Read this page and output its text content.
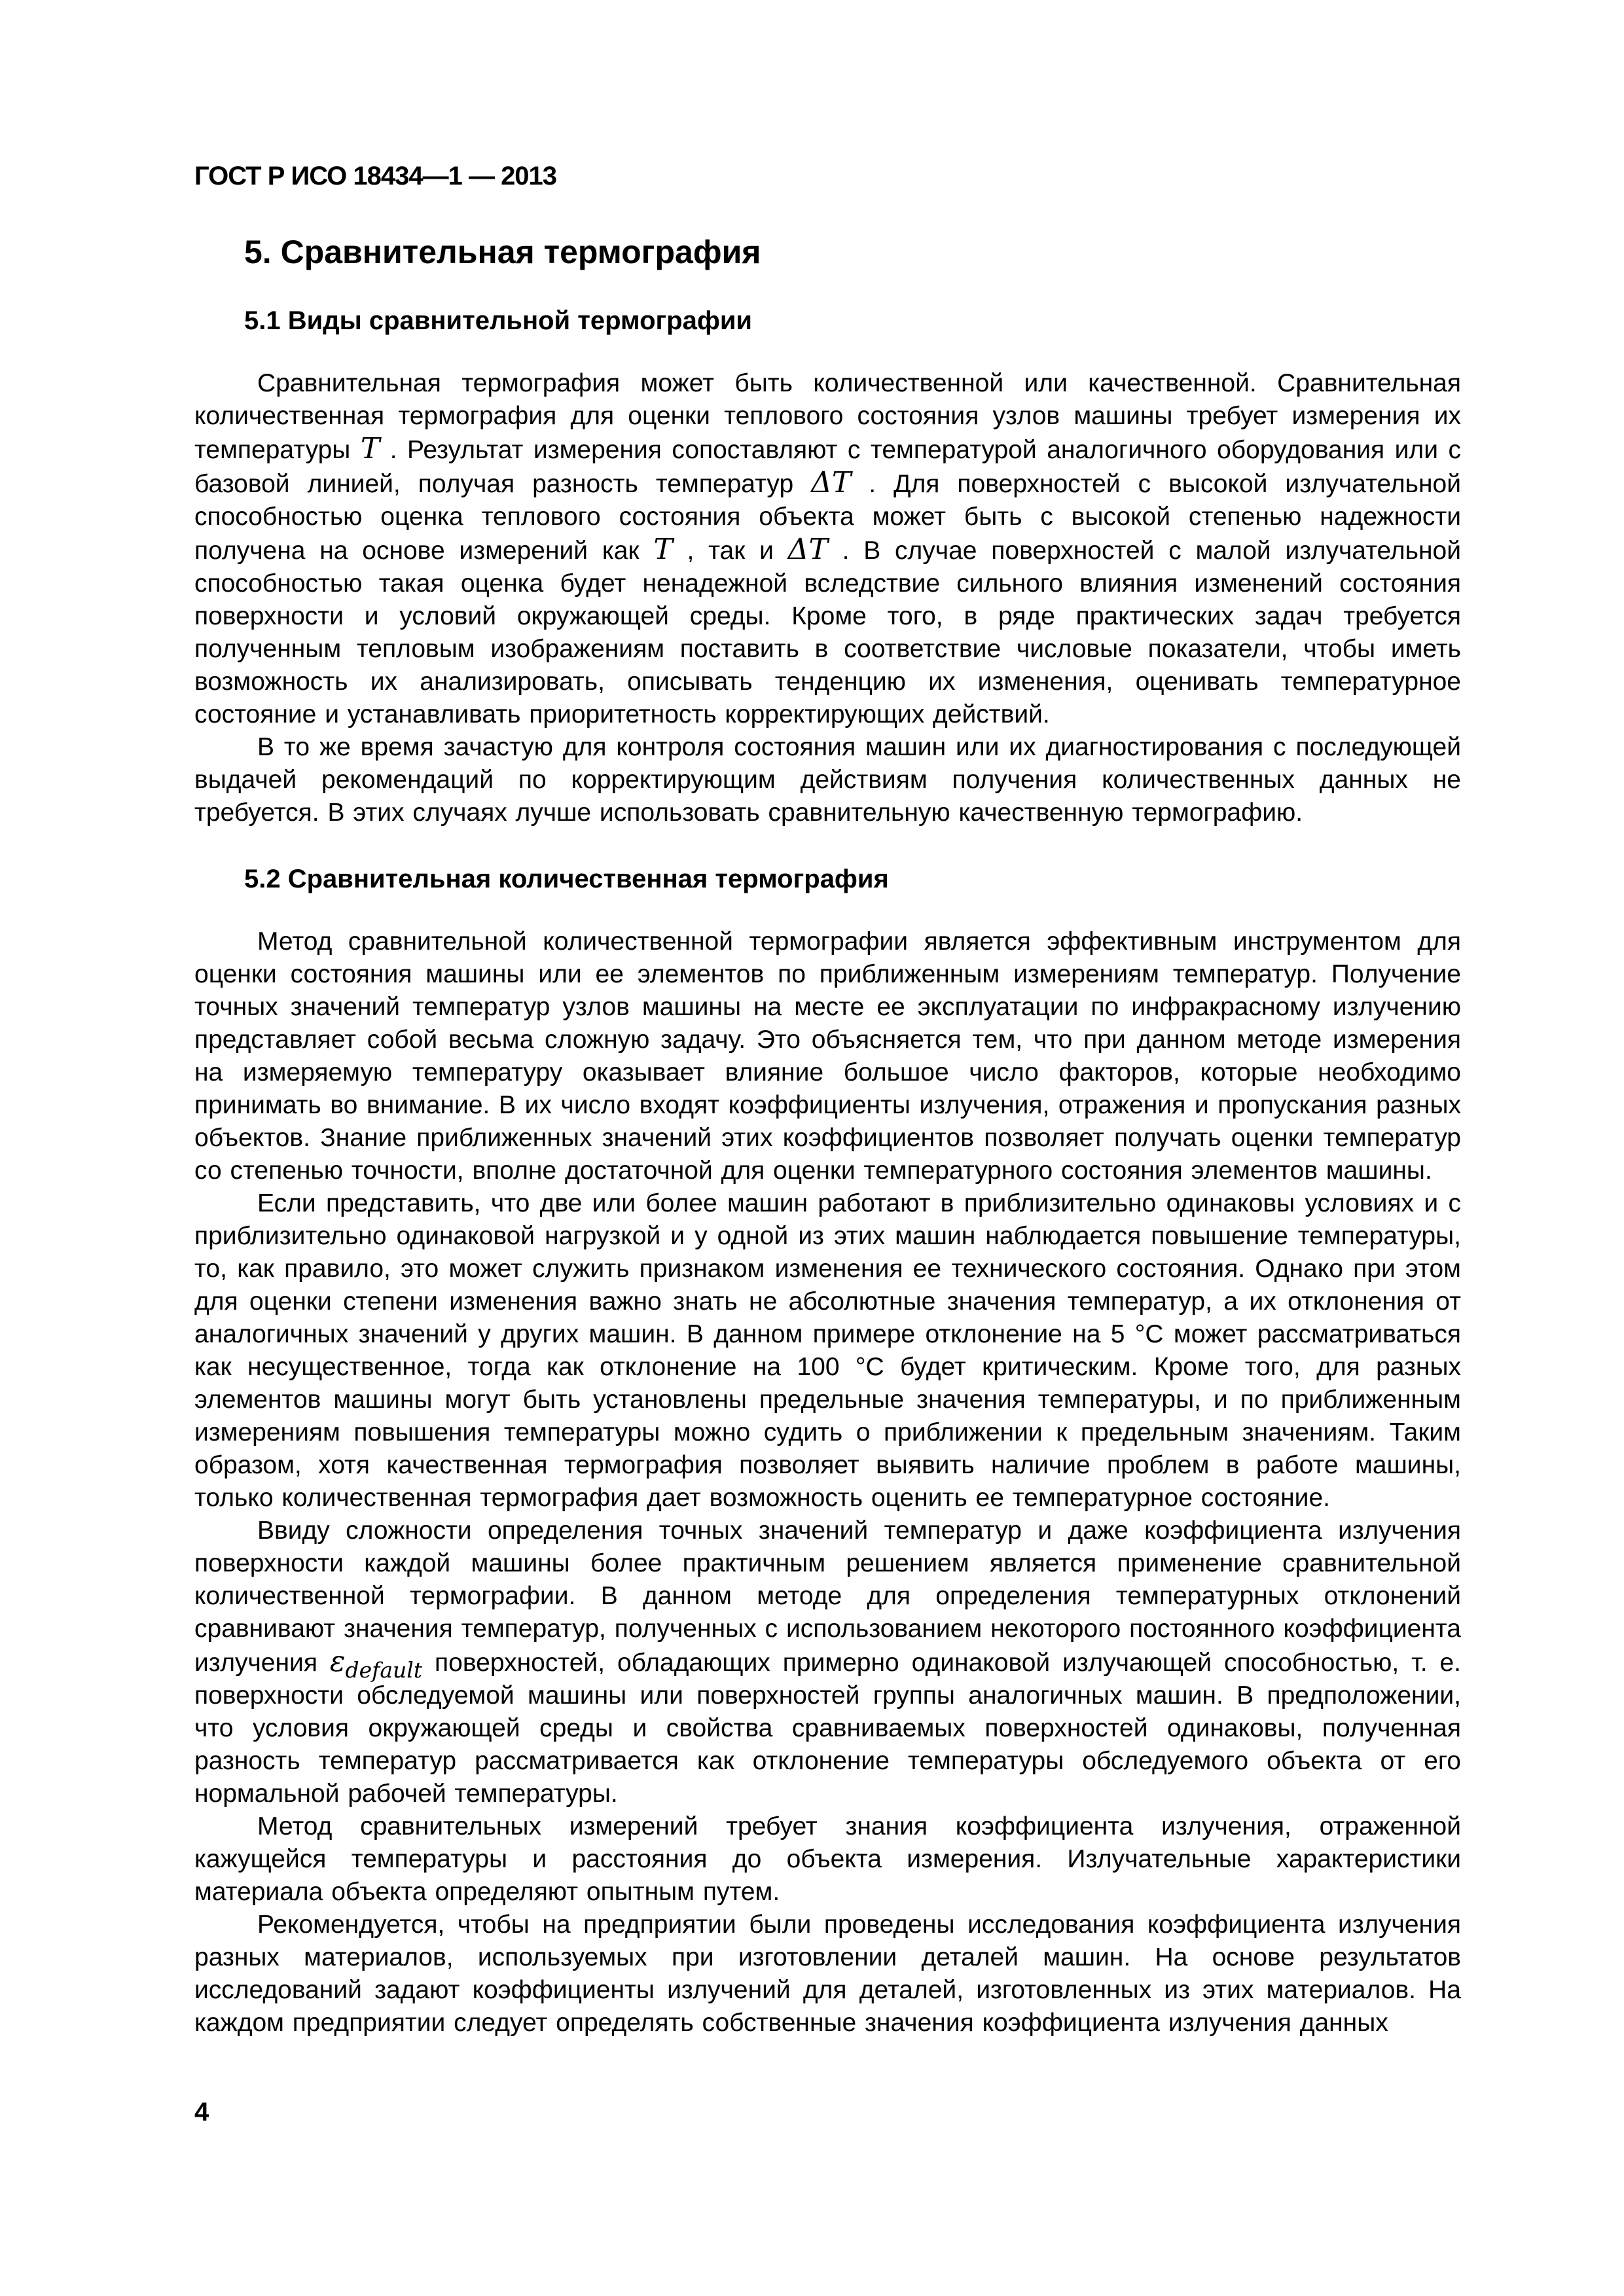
ГОСТ Р ИСО 18434—1 — 2013
5. Сравнительная термография
5.1 Виды сравнительной термографии

Сравнительная термография может быть количественной или качественной. Сравнительная количественная термография для оценки теплового состояния узлов машины требует измерения их температуры T . Результат измерения сопоставляют с температурой аналогичного оборудования или с базовой линией, получая разность температур ΔT . Для поверхностей с высокой излучательной способностью оценка теплового состояния объекта может быть с высокой степенью надежности получена на основе измерений как T , так и ΔT . В случае поверхностей с малой излучательной способностью такая оценка будет ненадежной вследствие сильного влияния изменений состояния поверхности и условий окружающей среды. Кроме того, в ряде практических задач требуется полученным тепловым изображениям поставить в соответствие числовые показатели, чтобы иметь возможность их анализировать, описывать тенденцию их изменения, оценивать температурное состояние и устанавливать приоритетность корректирующих действий.

В то же время зачастую для контроля состояния машин или их диагностирования с последующей выдачей рекомендаций по корректирующим действиям получения количественных данных не требуется. В этих случаях лучше использовать сравнительную качественную термографию.

5.2 Сравнительная количественная термография

Метод сравнительной количественной термографии является эффективным инструментом для оценки состояния машины или ее элементов по приближенным измерениям температур. Получение точных значений температур узлов машины на месте ее эксплуатации по инфракрасному излучению представляет собой весьма сложную задачу. Это объясняется тем, что при данном методе измерения на измеряемую температуру оказывает влияние большое число факторов, которые необходимо принимать во внимание. В их число входят коэффициенты излучения, отражения и пропускания разных объектов. Знание приближенных значений этих коэффициентов позволяет получать оценки температур со степенью точности, вполне достаточной для оценки температурного состояния элементов машины.

Если представить, что две или более машин работают в приблизительно одинаковы условиях и с приблизительно одинаковой нагрузкой и у одной из этих машин наблюдается повышение температуры, то, как правило, это может служить признаком изменения ее технического состояния. Однако при этом для оценки степени изменения важно знать не абсолютные значения температур, а их отклонения от аналогичных значений у других машин. В данном примере отклонение на 5 °С может рассматриваться как несущественное, тогда как отклонение на 100 °С будет критическим. Кроме того, для разных элементов машины могут быть установлены предельные значения температуры, и по приближенным измерениям повышения температуры можно судить о приближении к предельным значениям. Таким образом, хотя качественная термография позволяет выявить наличие проблем в работе машины, только количественная термография дает возможность оценить ее температурное состояние.

Ввиду сложности определения точных значений температур и даже коэффициента излучения поверхности каждой машины более практичным решением является применение сравнительной количественной термографии. В данном методе для определения температурных отклонений сравнивают значения температур, полученных с использованием некоторого постоянного коэффициента излучения $\varepsilon_{default}$ поверхностей, обладающих примерно одинаковой излучающей способностью, т. е. поверхности обследуемой машины или поверхностей группы аналогичных машин. В предположении, что условия окружающей среды и свойства сравниваемых поверхностей одинаковы, полученная разность температур рассматривается как отклонение температуры обследуемого объекта от его нормальной рабочей температуры.

Метод сравнительных измерений требует знания коэффициента излучения, отраженной кажущейся температуры и расстояния до объекта измерения. Излучательные характеристики материала объекта определяют опытным путем.

Рекомендуется, чтобы на предприятии были проведены исследования коэффициента излучения разных материалов, используемых при изготовлении деталей машин. На основе результатов исследований задают коэффициенты излучений для деталей, изготовленных из этих материалов. На каждом предприятии следует определять собственные значения коэффициента излучения данных

4
